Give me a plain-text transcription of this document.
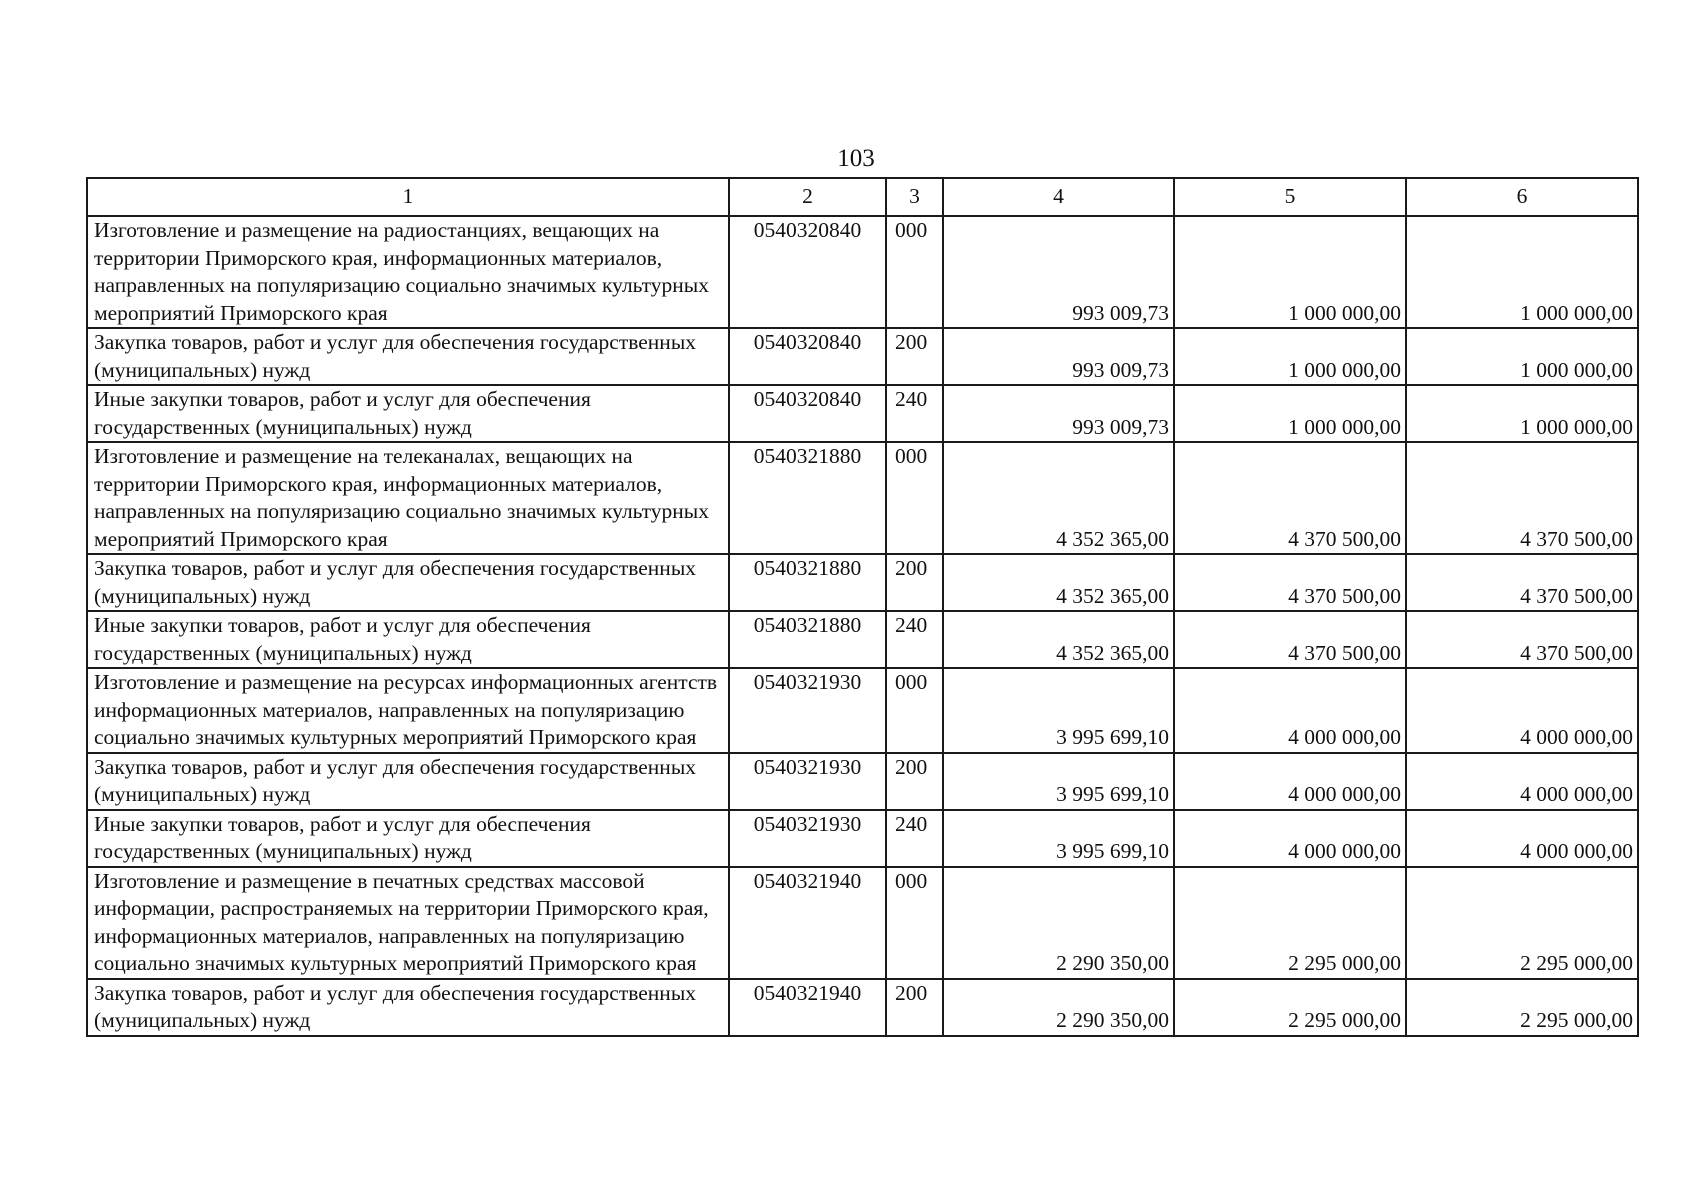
103
1	2	3	4	5	6
Изготовление и размещение на радиостанциях, вещающих на территории Приморского края, информационных материалов, направленных на популяризацию социально значимых культурных мероприятий Приморского края	0540320840	000	993 009,73	1 000 000,00	1 000 000,00
Закупка товаров, работ и услуг для обеспечения государственных (муниципальных) нужд	0540320840	200	993 009,73	1 000 000,00	1 000 000,00
Иные закупки товаров, работ и услуг для обеспечения государственных (муниципальных) нужд	0540320840	240	993 009,73	1 000 000,00	1 000 000,00
Изготовление и размещение на телеканалах, вещающих на территории Приморского края, информационных материалов, направленных на популяризацию социально значимых культурных мероприятий Приморского края	0540321880	000	4 352 365,00	4 370 500,00	4 370 500,00
Закупка товаров, работ и услуг для обеспечения государственных (муниципальных) нужд	0540321880	200	4 352 365,00	4 370 500,00	4 370 500,00
Иные закупки товаров, работ и услуг для обеспечения государственных (муниципальных) нужд	0540321880	240	4 352 365,00	4 370 500,00	4 370 500,00
Изготовление и размещение на ресурсах информационных агентств информационных материалов, направленных на популяризацию социально значимых культурных мероприятий Приморского края	0540321930	000	3 995 699,10	4 000 000,00	4 000 000,00
Закупка товаров, работ и услуг для обеспечения государственных (муниципальных) нужд	0540321930	200	3 995 699,10	4 000 000,00	4 000 000,00
Иные закупки товаров, работ и услуг для обеспечения государственных (муниципальных) нужд	0540321930	240	3 995 699,10	4 000 000,00	4 000 000,00
Изготовление и размещение в печатных средствах массовой информации, распространяемых на территории Приморского края, информационных материалов, направленных на популяризацию социально значимых культурных мероприятий Приморского края	0540321940	000	2 290 350,00	2 295 000,00	2 295 000,00
Закупка товаров, работ и услуг для обеспечения государственных (муниципальных) нужд	0540321940	200	2 290 350,00	2 295 000,00	2 295 000,00
